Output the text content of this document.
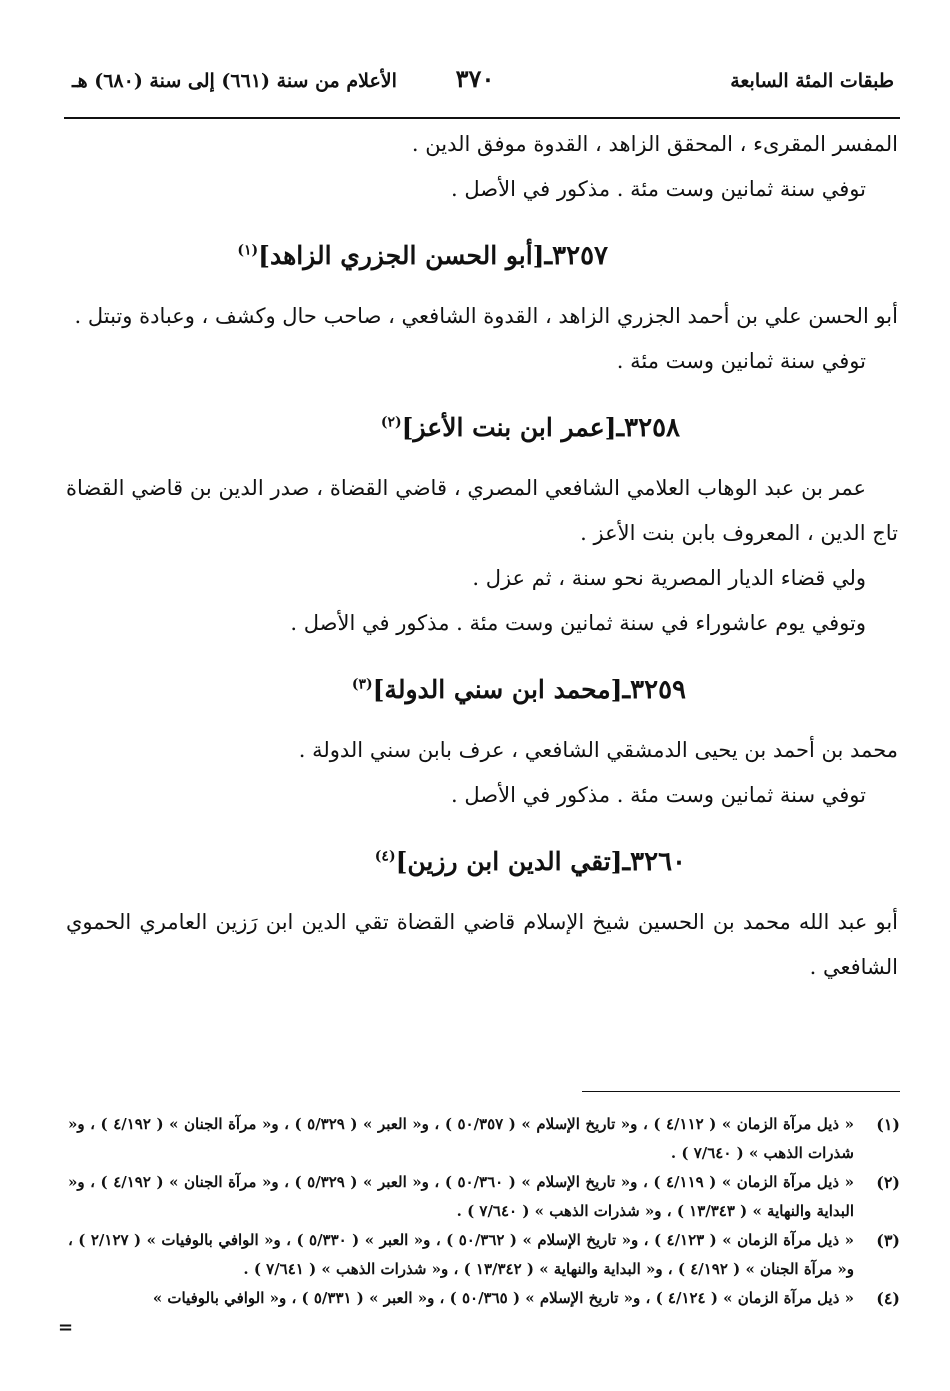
طبقات المئة السابعة
٣٧٠
الأعلام من سنة (٦٦١) إلى سنة (٦٨٠) هـ

المفسر المقرىء ، المحقق الزاهد ، القدوة موفق الدين .

توفي سنة ثمانين وست مئة . مذكور في الأصل .

٣٢٥٧ـ[أبو الحسن الجزري الزاهد]$^{(١)}$

أبو الحسن علي بن أحمد الجزري الزاهد ، القدوة الشافعي ، صاحب حال وكشف ، وعبادة وتبتل .

توفي سنة ثمانين وست مئة .

٣٢٥٨ـ[عمر ابن بنت الأعز]$^{(٢)}$

عمر بن عبد الوهاب العلامي الشافعي المصري ، قاضي القضاة ، صدر الدين بن قاضي القضاة تاج الدين ، المعروف بابن بنت الأعز .

ولي قضاء الديار المصرية نحو سنة ، ثم عزل .

وتوفي يوم عاشوراء في سنة ثمانين وست مئة . مذكور في الأصل .

٣٢٥٩ـ[محمد ابن سني الدولة]$^{(٣)}$

محمد بن أحمد بن يحيى الدمشقي الشافعي ، عرف بابن سني الدولة .

توفي سنة ثمانين وست مئة . مذكور في الأصل .

٣٢٦٠ـ[تقي الدين ابن رزين]$^{(٤)}$

أبو عبد الله محمد بن الحسين شيخ الإسلام قاضي القضاة تقي الدين ابن رَزين العامري الحموي الشافعي .

(١)
« ذيل مرآة الزمان » ( ٤/١١٢ ) ، و« تاريخ الإسلام » ( ٥٠/٣٥٧ ) ، و« العبر » ( ٥/٣٢٩ ) ، و« مرآة الجنان » ( ٤/١٩٢ ) ، و« شذرات الذهب » ( ٧/٦٤٠ ) .
(٢)
« ذيل مرآة الزمان » ( ٤/١١٩ ) ، و« تاريخ الإسلام » ( ٥٠/٣٦٠ ) ، و« العبر » ( ٥/٣٢٩ ) ، و« مرآة الجنان » ( ٤/١٩٢ ) ، و« البداية والنهاية » ( ١٣/٣٤٣ ) ، و« شذرات الذهب » ( ٧/٦٤٠ ) .
(٣)
« ذيل مرآة الزمان » ( ٤/١٢٣ ) ، و« تاريخ الإسلام » ( ٥٠/٣٦٢ ) ، و« العبر » ( ٥/٣٣٠ ) ، و« الوافي بالوفيات » ( ٢/١٢٧ ) ، و« مرآة الجنان » ( ٤/١٩٢ ) ، و« البداية والنهاية » ( ١٣/٣٤٢ ) ، و« شذرات الذهب » ( ٧/٦٤١ ) .
(٤)
« ذيل مرآة الزمان » ( ٤/١٢٤ ) ، و« تاريخ الإسلام » ( ٥٠/٣٦٥ ) ، و« العبر » ( ٥/٣٣١ ) ، و« الوافي بالوفيات »
=
